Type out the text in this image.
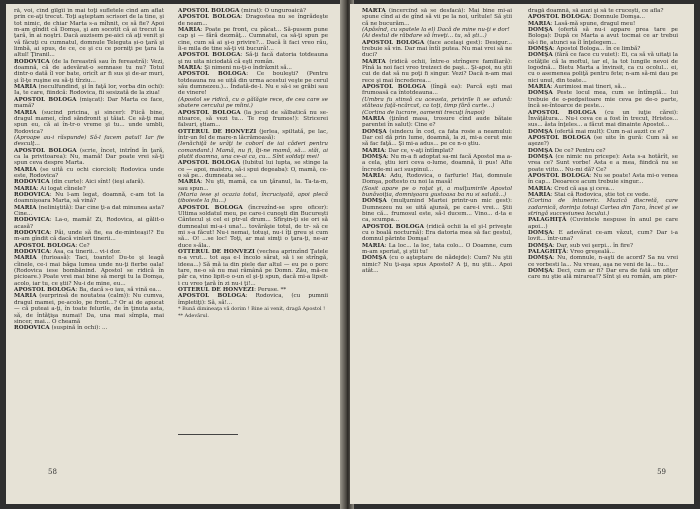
ră, voi, cînd gîlgîi în mai toţi sufletele cînd am aflat prin ce-aţi trecut. Toţi aşteptam scrisori de la tine, şi tot nimic, de chiar Marta s-a mîhnit, ce să fie? Apoi m-am gîndit că Domşa, şi am socotit că ai trecut la ţară, în ai noştri. Dacă auzisem pe-aici că aţi venit şi vă făcuţi cu cumnatul, domnule Teleguta și-o ţară şi limbă, ai spus, de ce, ce şi cu ce porniţi pe ţara la altul! Ţiranil...

RODOVICA (de la fereastră sau în fereastră): Vezi, doamnă, că de adevărat-o semnase tu nu? Totul dintr-o dată îl vor bate, oricît ar fi sus şi de-ar muri, şi îl-ţe ruşine eu să-ţi tîrziu...

MARIA (neculfundind, şi în faţă lor, vorba din ochi): Ia, te care, fiindcă: Rodovica, fii sesizată de la ziua!

APOSTOL BOLOGA (mişcat): Dar Marta ce face, mamă?

MARIA (sucind pricina, şi sincer): Fiică bine, dragul mamei, cînd săndronit şi tăiat. Ce să-ţi mai spun eu, că ai în-tr-o vreme şi tu... unde umbli, Rodovica?

(Aproape au-i răspunde) Să-l facem patul! Iar fie desculţ...

APOSTOL BOLOGA (scrie, încet, intrînd în ţară, ca la privitoarea): Nu, mamă! Dar poate vrei să-ţi spun ceva despre Marta.

MARIA (se uită cu ochi ciorcioli; Rodovica unde este, Rodovica?

RODOVICA (din curte): Aici sînt! (ieşi afară).

MARIA: Ai logat cîinele?

RODOVICA: Nu l-am legat, doamnă, c-am tot la doamnișoara Marta, să vină?

MARIA (neliniştită): Dar cine ţi-a dat minunea asta? Cine...

RODOVICA: La-o, mamă! Zi, Rodovica, ai gălit-o acasă?

RODOVICA: Păi, unde să fie, ea de-minteaşi!? Eu m-am gîndit că dacă vinleri tinerii...

APOSTOL BOLOGA: Ce?

RODOVICA: Asa, ca tinerii... vi-i dor.

MARIA (furioasă): Taci, toanto! Du-te şi leagă cîinele, ce-i mai băga lumea unde nu-ţi fierbe oala! (Rodovica iese bombănind. Apostol se ridică în picioare.) Poate vrei mai bine să mergi tu la Domşa, acolo, iar tu, ce ştii? Nu-i de mine, eu...

APOSTOL BOLOGA: Ba, dacă s-o iau, să vină ea...

MARIA (surprinsă de noutatea (calm)): Nu cumva, dragul mamei, pe-acolo, pe front...? Or ai de apucat — că puteai a-ţi, în toate felurile, de în ţinuta asta, să, de întăţişa numai! Da, una mai sîmpla, mai sincer, mai... O cheamă

RODOVICA (suspină în ochi): ...

APOSTOL BOLOGA (mirat): O unguroaică?

APOSTOL BOLOGA: Dragostea nu se îngrădeşte de neam...

MARIA: Poate pe front, cu păcat... Să-pusem pune cap şi — fără dezmăţ... Cumnatul, ca să-ţi spun pe cine, cum să ai şi-o privire?... Dacă îi faci vreo rău, îi-e mila de tine să-ţi vii bucură!...

APOSTOL BOLOGA: Să-ţi facă datoria totdeauna şi nu uita niciodată că eşti român.

MARIA: Şi nimeni nu-ţi-o îndrăznit să...

APOSTOL BOLOGA: Ce bouleşti? (Pentru totdeauna nu se uită din urma acestui veşte pe cerul său dumnezeu.)... Îndată-de-l. Nu e să-i se grăbi sau de vinere!

(Apostol se ridică, cu o gălăgie rece, de cea care se sbatere cercului pe mîini.)

APOSTOL BOLOGA (la jocul de sălbatică nu se-ntoarce, să vezi tu... Te rog frumos!): Stricerei falsuri, ştiam...

OTTERUL DE HONVEZI (jerlea, spiltată, pe lac, într-un fel de mare-n lăcrămoasă):

(Ienăchiţă te urâţi te coborî de iai căderi pentru comandant.) Mamă, nu fi, îţi-ne mamă, să... stăi, ai plutit doamna, una ce-ai ca, cu... Sînt soldaţi mei!

APOSTOL BOLOGA (Iubitul lui lupta, se stinge la ce — apoi, maistru, să-i spui degeaba): O, mamă, ce-o să pe... dumneata se...

MARIA: Nu şti, mamă, ca un ţăranul, la. Ta-ta-m, sau spun...

(Maria iese şi ocazia totul, încrucişată, apoi plecă țiboieste la fiu...)

APOSTOL BOLOGA (încrezînd-se spre oficer): Ultima soldatul meu, pe care-i cunoşti din Bucureşti Cântecul și cel ei ptr-ul drum... Sfîrşin-ţi sie ori să dumnealui mi-a-i una!... tovărăşie totul, de tr- să ce mi s-a făcut! Nu-i nemai, totuşi, nu-i îţi greu și cum să... O! ...se loc! Toţi, ar mai simţi o ţara-ţi, ne-ar duce s-ăla..

OTTERUL DE HONVEZI (vechea aprinzînd Ţatele n-a vrut... tot aşa e-l încolo sărat, să i se strîngă, ideea...) Să mă ia din piele dar altul — eu pe o porc tare, ne-o să nu mai rămână pe Domn. Zău, mă-ce păr ca, vino lipit-o o-un el şi-ţi spun, dacă mi-a lipsit-i cu vreo ţară în zi nu-i ţi!...

OTTERUL DE HONVEZI: Peruse. **

APOSTOL BOLOGA: Rodovica, (cu pumnii împletiţi): Să, să!...

* Bună dimineaţa vă dorim ! Bine ai venit, dragă Apostol !

** Adevărul.

58

MARTA (încercînd să se desfacă): Mai bine mi-ai spune cînd ai de gînd să vii pe la noi, urîtule! Să ştii că ne bucurăm...

(Apăsînd, cu spatele la el) Dacă de mine nu-ţi e dor!

(Ai destul de răbdare să înveţi... tu, să şti...)

APOSTOL BOLOGA (face acelaşi gest): Desigur... trebuie să vin. Dar mai întîi putea. Nu mai vrei să ne duci?

MARTA (ridică ochii, între-o strîngere familiară): Pînă la noi faci vreo treizeci de paşi... Şi-apoi, nu ştii cui de dat să nu poţi fi singur. Vezi? Dacă n-am mai rece şi mai încrederea...

APOSTOL BOLOGA (lîngă ea): Parcă eşti mai frumoasă ca întotdeauna...

(Umbra fu stinsă cu aceasta, privirile li se adună: stăteau faţă-ncărcat, ca toţi, timp fără curte...)

(Cortina de lucrare, oamenii trecuţi înapoi)

MARIA (ţinînd masa, trosure cînd aude bătaie parentei în salut): Cine e?

DOMŞA (sindecu în cod, ca fata rosie a neamului: Dar cel dă prin lume, doamnă, la zi, mi-a cerut mie să fac faţă... Şi mi-a adus... pe ce n-o ştiu.

MARIA: Dar ce, v-aţi întîmplat?

DOMŞA: Nu m-a fi adoptat sa-mi facă Apostol ma a-a cela, ştiu ieri ceva o-lume, doamnă, îi pus! Aflu încrede-mi aci suspinul...

MARIA: Adu, Rodovica, o farfurie! Hai, domnule Domşa, poftesto cu noi la masă!

(Sosit apare pe o roţat şi, a mulţumirile Apostol bunăvoiţia, domnişoara gustoasa ba nu si salută...)

DOMŞA (mulţumind Martei printr-un mic gest): Dumnezeu nu se uită ajunsă, pe care-i vrei... Ştii bine că... frumosul este, să-l ducem... Vino... d-ta e ca, scumpa...

APOSTOL BOLOGA (ridică ochii la el şi-l priveşte cu o boală nocturnă): Era datoria mea să fac gestul, domnul părinte Domşa!

MARIA: La loc... la loc, tata colo... O Doamne, cum m-am speriat, şi știi tu!

DOMŞA (cu o aşteptare de nădejde): Cum? Nu ştii nimic? Nu ţi-aşa spus Apostol? A ţi, nu ştii... Apoi atât...

dragă doamnă, să auzi şi să te crucești, ce afla?

APOSTOL BOLOGA: Domnule Domşa...

MARIA: Lasă-mă spune, dragul meu!

DOMŞA (ofertă să nu-i appare prea tare pe Bologa): După ce Marta a avut tocmai ce ar trebui să-i fie, atunci sa îl înţelegem...

DOMŞA: Apostol Bologa... în ce limbă?

DOMŞA (fără ce face cu vuiet): Ei, ca să vă uitaţi la cetăţile că la moftul, iar el, la tot lungile nevoi de logodnă... Bietu Marta a învinsit, ca cu ocolul... ei, cu o asemenea poliţă pentru fete; n-am să-mi dau pe nici unul, din toate...

MARIA: Aurimiosi mai tineri, să...

DOMŞA Peste locul mea, cum se întîmplă... lui trebuie de o-pedpsitoare mie ceva pe de-o parte, încă se-întoarce de peste...

APOSTOL BOLOGA (cu un iuţie cărei): Învăţătura... Nu-i ceva ce a fost în trecut, Hristos... sus... ăsta înţeles... a făcut mai dinainte Apostol...

DOMŞA (ofertă mai mult): Cum n-ai auzit ce e?

APOSTOL BOLOGA (se uite în gură: Cum să se aşeze?)

DOMŞA De ce? Pentru ce?

DOMŞA (ce nimic nu pricepe): Asta s-a hotărît, se vrea ce? Sunt vorbe! Asta e a mea, fiindcă nu se poate viito... Nu-mi dă? Ce?

APOSTOL BOLOGA: Nu se poate! Asta mi-o venea în cap... Deoarece acum trebuie singur...

MARIA: Cred că aşa şi ceva...

MARIA: Stai că Rodovica, știe tot ce vede.

(Cortina de întuneric. Muzică discretă, care zadarnică, dorinţa totuşi Cartea din Ţara, încet şi se stringă succesiunea locului.)

PALAGHIŢĂ (Cuvintele nespuse în anul pe care apoi...)

DOMŞA: E adevărat ce-am văzut, cum? Dar i-a lovit... într-una?

DOMŞA: Dar, sub vei şerpi... în fire?

PALAGHIŢĂ: Vreo greşeală...

DOMŞA: Nu, domnule, n-aşti de acord? Sa nu vrei ce vorbesti la... Nu vreau, aşa ne veni de la... tu...

DOMŞA: Deci, cum ar fi? Dar era de fată un ofiţer care nu ştie ală mirarea!? Sînt şi eu român, am pier-

59
